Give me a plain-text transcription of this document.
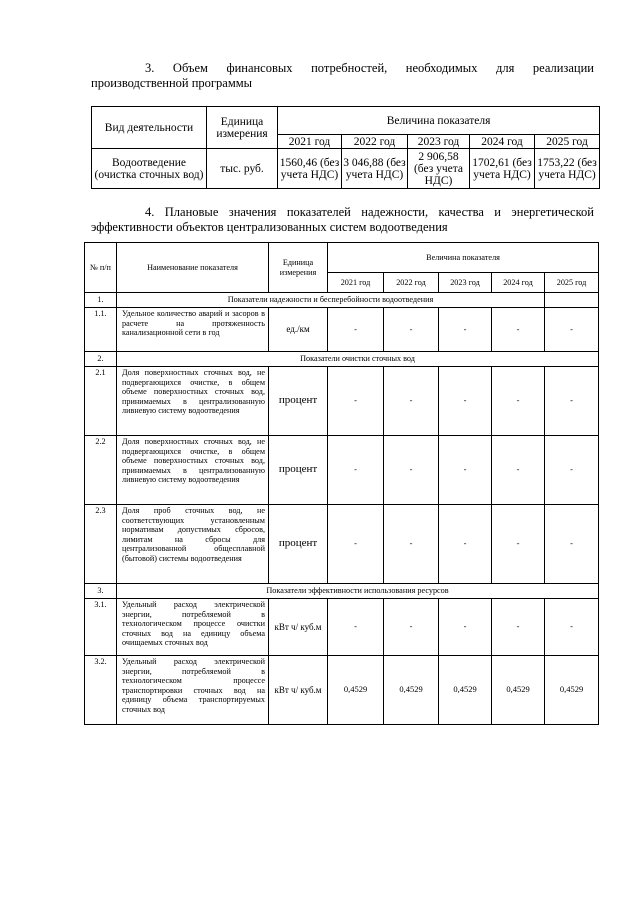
3. Объем финансовых потребностей, необходимых для реализации
производственной программы
Вид деятельности	Единица измерения	Величина показателя				
		2021 год	2022 год	2023 год	2024 год	2025 год
Водоотведение (очистка сточных вод)	тыс. руб.	1560,46 (без учета НДС)	3 046,88 (без учета НДС)	2 906,58 (без учета НДС)	1702,61 (без учета НДС)	1753,22 (без учета НДС)
4. Плановые значения показателей надежности, качества и энергетической
эффективности объектов централизованных систем водоотведения
№ п/п	Наименование показателя	Единица измерения	Величина показателя				
			2021 год	2022 год	2023 год	2024 год	2025 год
1.	Показатели надежности и бесперебойности водоотведения						
1.1.	Удельное количество аварий и засоров в расчете на протяженность канализационной сети в год	ед./км	-	-	-	-	-
2.	Показатели очистки сточных вод						
2.1	Доля поверхностных сточных вод, не подвергающихся очистке, в общем объеме поверхностных сточных вод, принимаемых в централизованную ливневую систему водоотведения	процент	-	-	-	-	-
2.2	Доля поверхностных сточных вод, не подвергающихся очистке, в общем объеме поверхностных сточных вод, принимаемых в централизованную ливневую систему водоотведения	процент	-	-	-	-	-
2.3	Доля проб сточных вод, не соответствующих установленным нормативам допустимых сбросов, лимитам на сбросы для централизованной общесплавной (бытовой) системы водоотведения	процент	-	-	-	-	-
3.	Показатели эффективности использования ресурсов						
3.1.	Удельный расход электрической энергии, потребляемой в технологическом процессе очистки сточных вод на единицу объема очищаемых сточных вод	кВт ч/ куб.м	-	-	-	-	-
3.2.	Удельный расход электрической энергии, потребляемой в технологическом процессе транспортировки сточных вод на единицу объема транспортируемых сточных вод	кВт ч/ куб.м	0,4529	0,4529	0,4529	0,4529	0,4529
